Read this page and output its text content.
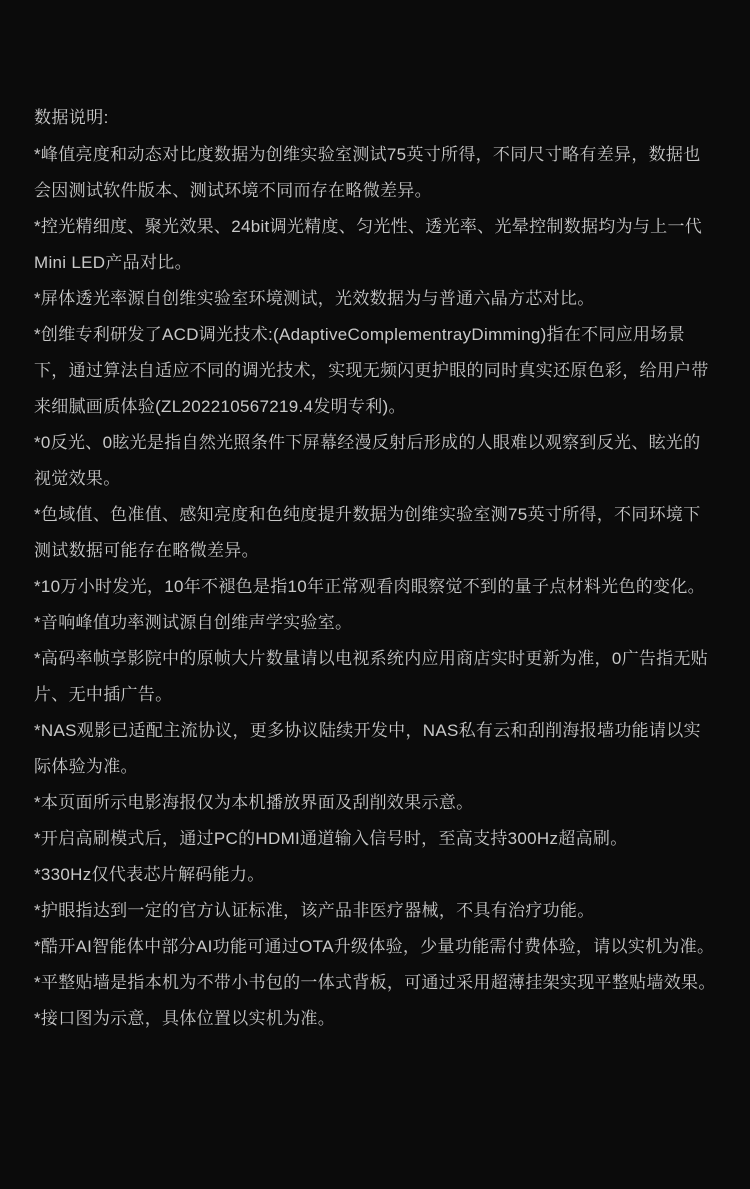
数据说明:

*峰值亮度和动态对比度数据为创维实验室测试75英寸所得，不同尺寸略有差异，数据也会因测试软件版本、测试环境不同而存在略微差异。

*控光精细度、聚光效果、24bit调光精度、匀光性、透光率、光晕控制数据均为与上一代Mini LED产品对比。

*屏体透光率源自创维实验室环境测试，光效数据为与普通六晶方芯对比。

*创维专利研发了ACD调光技术:(AdaptiveComplementrayDimming)指在不同应用场景下，通过算法自适应不同的调光技术，实现无频闪更护眼的同时真实还原色彩，给用户带来细腻画质体验(ZL202210567219.4发明专利)。

*0反光、0眩光是指自然光照条件下屏幕经漫反射后形成的人眼难以观察到反光、眩光的视觉效果。

*色域值、色准值、感知亮度和色纯度提升数据为创维实验室测75英寸所得，不同环境下测试数据可能存在略微差异。

*10万小时发光，10年不褪色是指10年正常观看肉眼察觉不到的量子点材料光色的变化。

*音响峰值功率测试源自创维声学实验室。

*高码率帧享影院中的原帧大片数量请以电视系统内应用商店实时更新为准，0广告指无贴片、无中插广告。

*NAS观影已适配主流协议，更多协议陆续开发中，NAS私有云和刮削海报墙功能请以实际体验为准。

*本页面所示电影海报仅为本机播放界面及刮削效果示意。

*开启高刷模式后，通过PC的HDMI通道输入信号时，至高支持300Hz超高刷。

*330Hz仅代表芯片解码能力。

*护眼指达到一定的官方认证标准，该产品非医疗器械，不具有治疗功能。

*酷开AI智能体中部分AI功能可通过OTA升级体验，少量功能需付费体验，请以实机为准。

*平整贴墙是指本机为不带小书包的一体式背板，可通过采用超薄挂架实现平整贴墙效果。

*接口图为示意，具体位置以实机为准。
